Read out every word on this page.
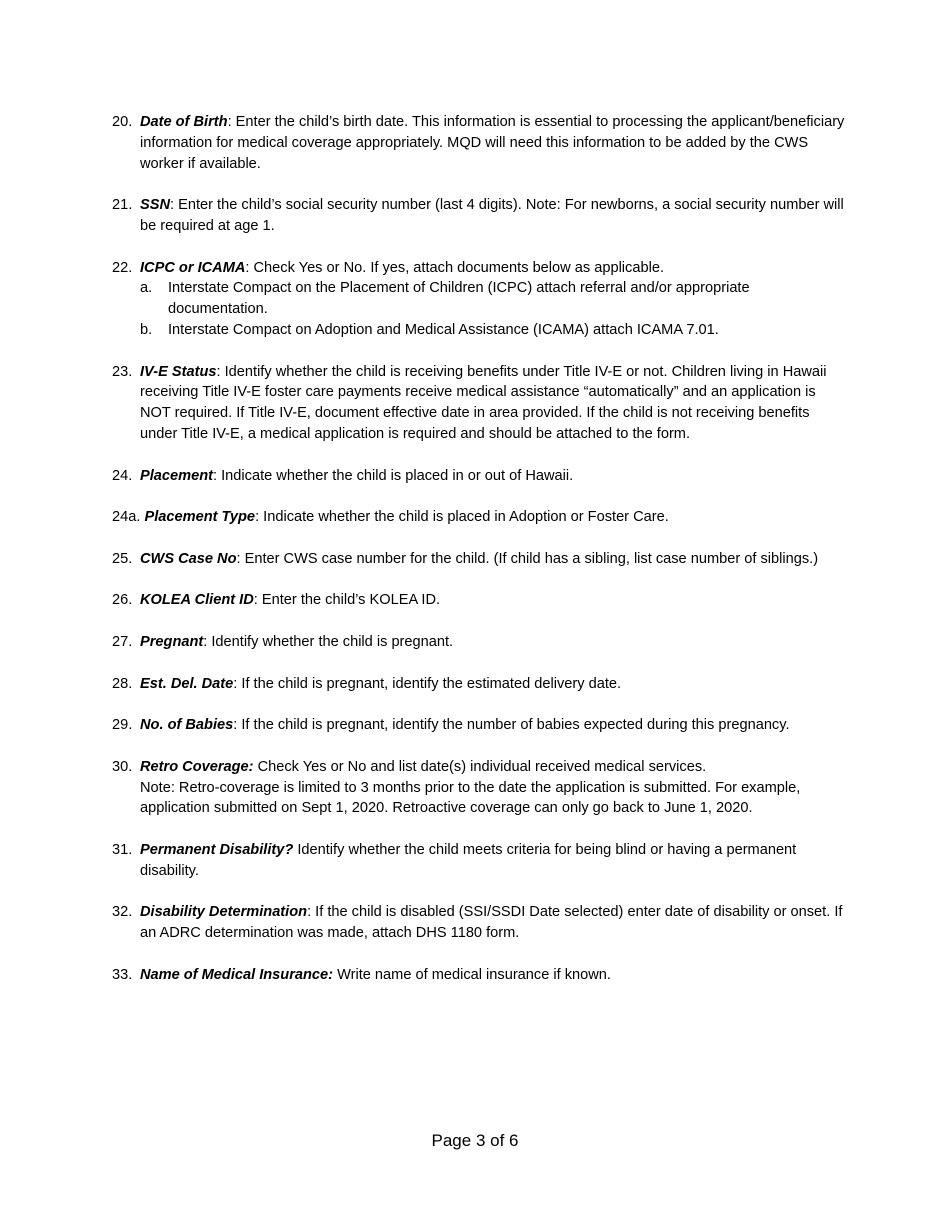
20. Date of Birth: Enter the child’s birth date. This information is essential to processing the applicant/beneficiary information for medical coverage appropriately. MQD will need this information to be added by the CWS worker if available.
21. SSN: Enter the child’s social security number (last 4 digits). Note: For newborns, a social security number will be required at age 1.
22. ICPC or ICAMA: Check Yes or No. If yes, attach documents below as applicable.
a. Interstate Compact on the Placement of Children (ICPC) attach referral and/or appropriate documentation.
b. Interstate Compact on Adoption and Medical Assistance (ICAMA) attach ICAMA 7.01.
23. IV-E Status: Identify whether the child is receiving benefits under Title IV-E or not. Children living in Hawaii receiving Title IV-E foster care payments receive medical assistance “automatically” and an application is NOT required. If Title IV-E, document effective date in area provided. If the child is not receiving benefits under Title IV-E, a medical application is required and should be attached to the form.
24. Placement: Indicate whether the child is placed in or out of Hawaii.
24a. Placement Type: Indicate whether the child is placed in Adoption or Foster Care.
25. CWS Case No: Enter CWS case number for the child. (If child has a sibling, list case number of siblings.)
26. KOLEA Client ID: Enter the child’s KOLEA ID.
27. Pregnant: Identify whether the child is pregnant.
28. Est. Del. Date: If the child is pregnant, identify the estimated delivery date.
29. No. of Babies: If the child is pregnant, identify the number of babies expected during this pregnancy.
30. Retro Coverage: Check Yes or No and list date(s) individual received medical services.
Note: Retro-coverage is limited to 3 months prior to the date the application is submitted. For example, application submitted on Sept 1, 2020. Retroactive coverage can only go back to June 1, 2020.
31. Permanent Disability? Identify whether the child meets criteria for being blind or having a permanent disability.
32. Disability Determination: If the child is disabled (SSI/SSDI Date selected) enter date of disability or onset. If an ADRC determination was made, attach DHS 1180 form.
33. Name of Medical Insurance: Write name of medical insurance if known.
Page 3 of 6
